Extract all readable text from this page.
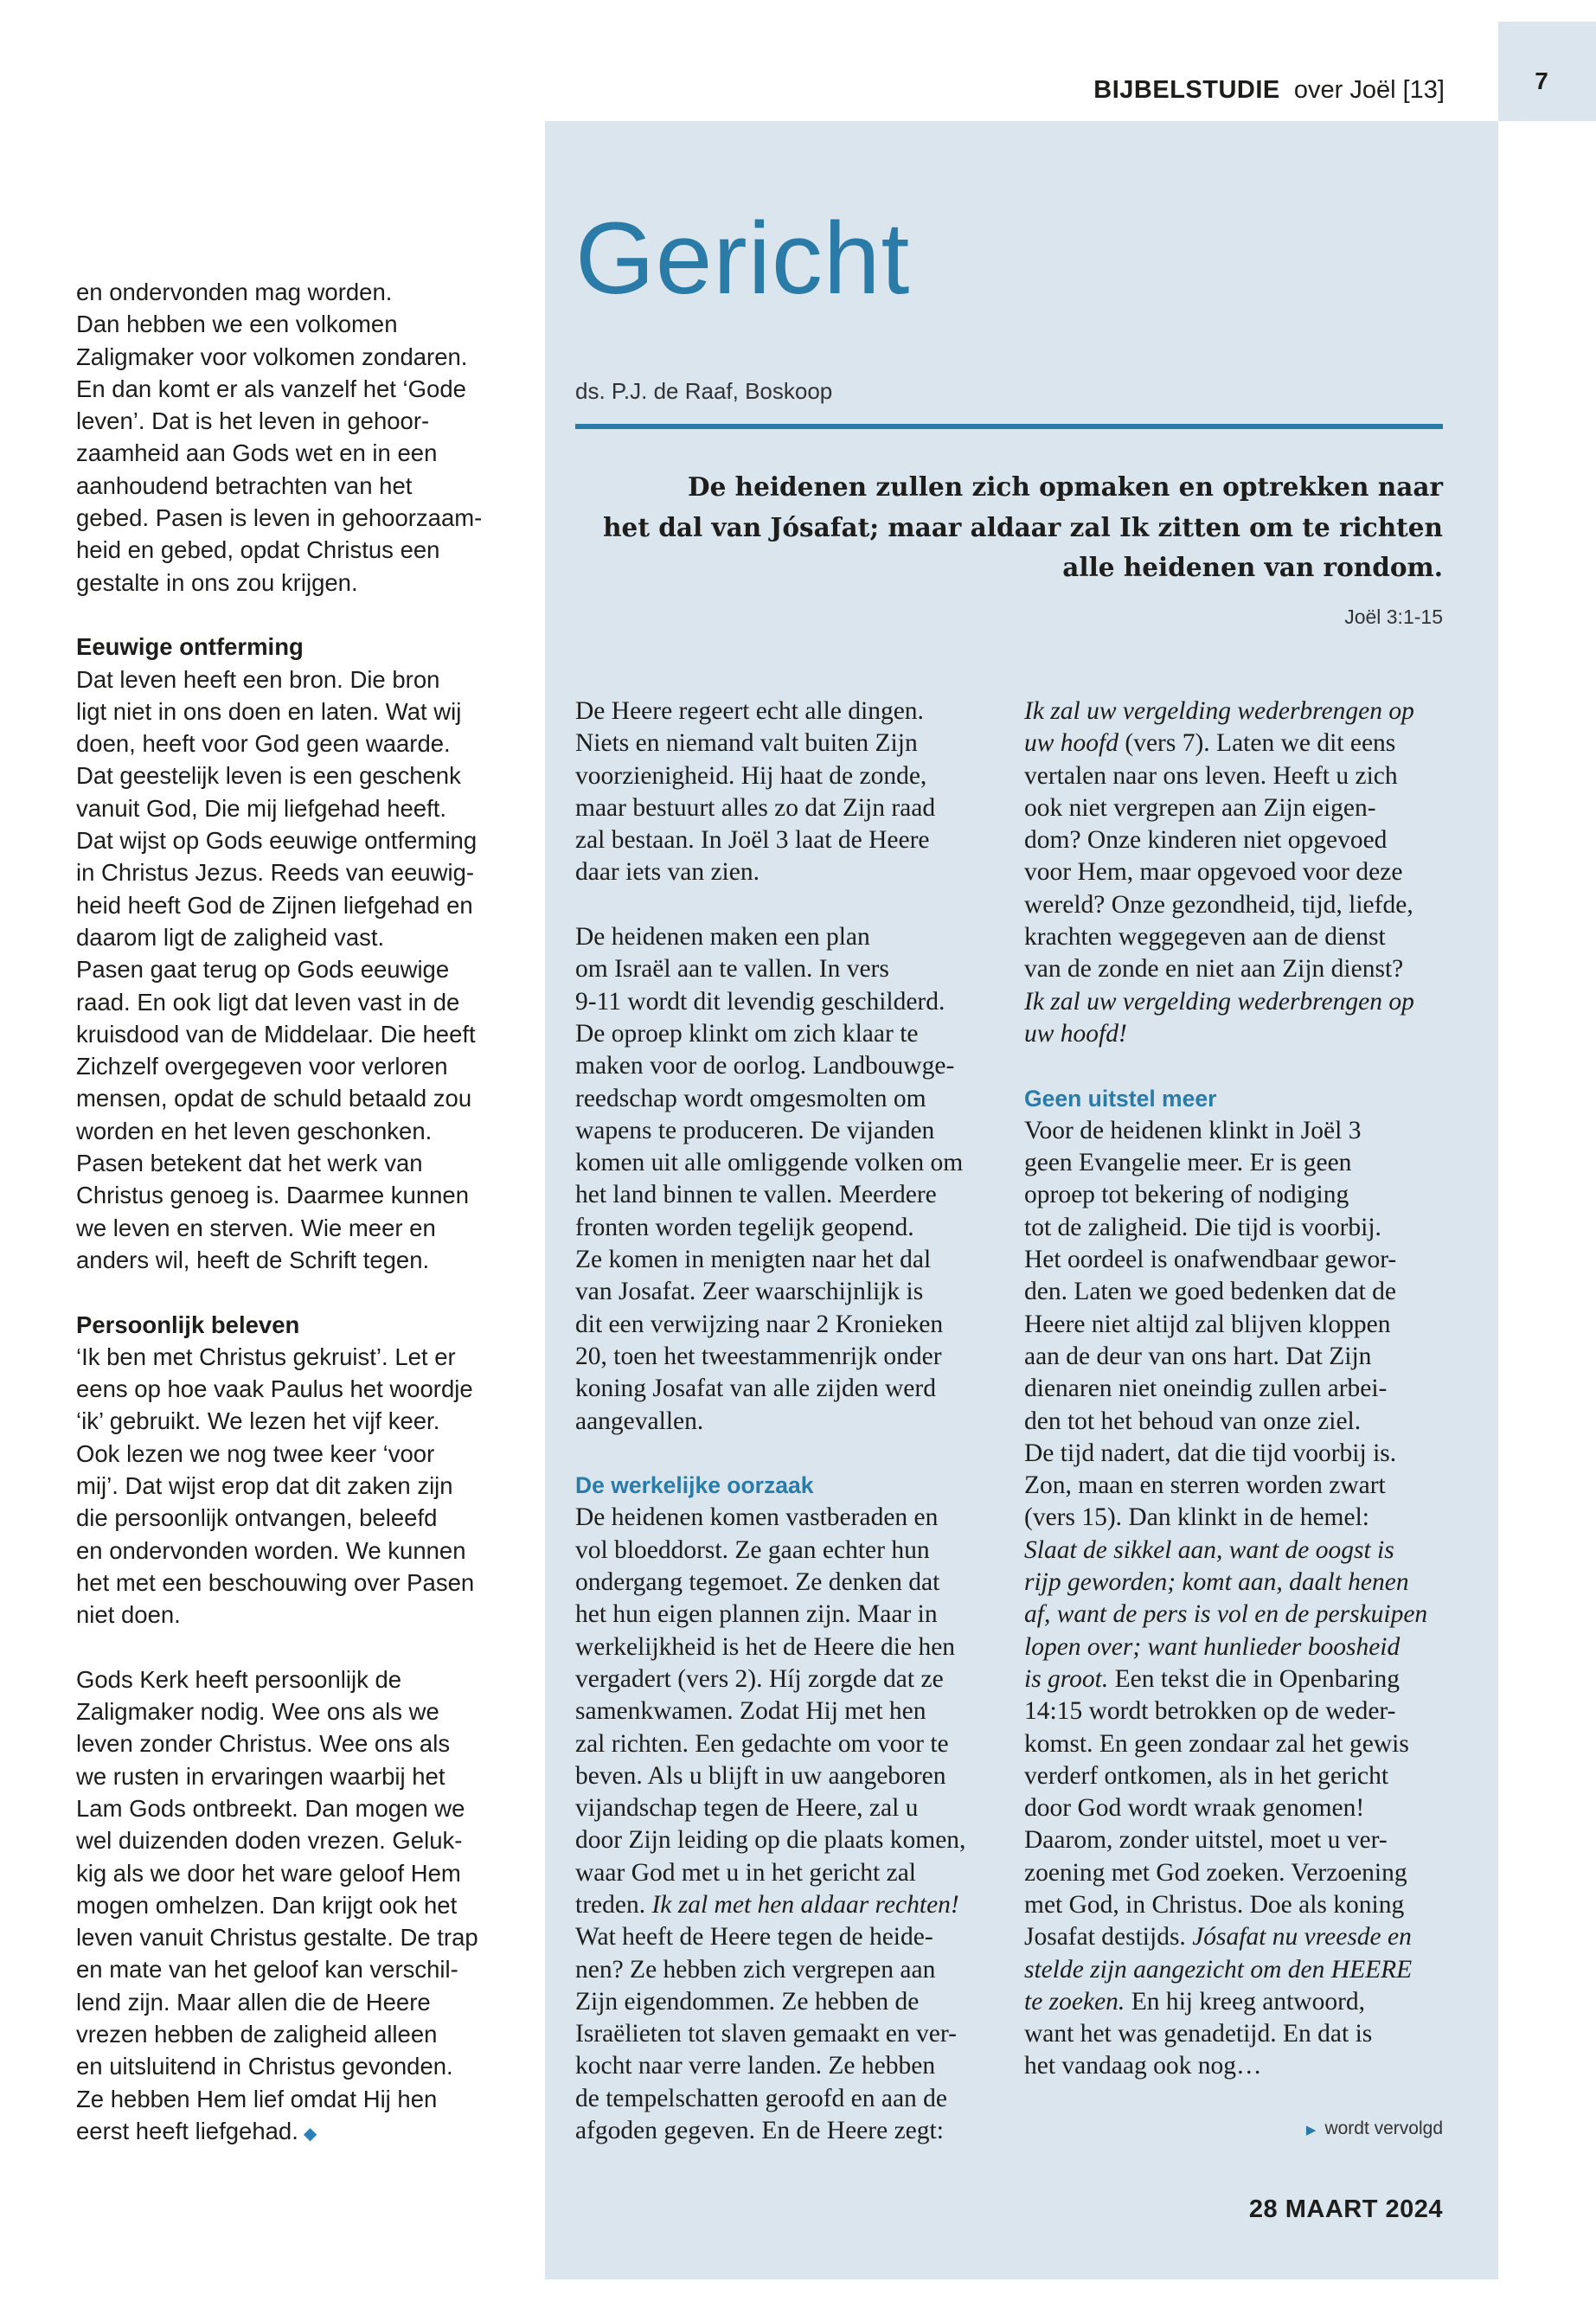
7
BIJBELSTUDIE over Joël [13]

en ondervonden mag worden.
Dan hebben we een volkomen
Zaligmaker voor volkomen zondaren.
En dan komt er als vanzelf het ‘Gode
leven’. Dat is het leven in gehoor-
zaamheid aan Gods wet en in een
aanhoudend betrachten van het
gebed. Pasen is leven in gehoorzaam-
heid en gebed, opdat Christus een
gestalte in ons zou krijgen.

Eeuwige ontferming

Dat leven heeft een bron. Die bron
ligt niet in ons doen en laten. Wat wij
doen, heeft voor God geen waarde.
Dat geestelijk leven is een geschenk
vanuit God, Die mij liefgehad heeft.
Dat wijst op Gods eeuwige ontferming
in Christus Jezus. Reeds van eeuwig-
heid heeft God de Zijnen liefgehad en
daarom ligt de zaligheid vast.
Pasen gaat terug op Gods eeuwige
raad. En ook ligt dat leven vast in de
kruisdood van de Middelaar. Die heeft
Zichzelf overgegeven voor verloren
mensen, opdat de schuld betaald zou
worden en het leven geschonken.
Pasen betekent dat het werk van
Christus genoeg is. Daarmee kunnen
we leven en sterven. Wie meer en
anders wil, heeft de Schrift tegen.

Persoonlijk beleven

‘Ik ben met Christus gekruist’. Let er
eens op hoe vaak Paulus het woordje
‘ik’ gebruikt. We lezen het vijf keer.
Ook lezen we nog twee keer ‘voor
mij’. Dat wijst erop dat dit zaken zijn
die persoonlijk ontvangen, beleefd
en ondervonden worden. We kunnen
het met een beschouwing over Pasen
niet doen.

Gods Kerk heeft persoonlijk de
Zaligmaker nodig. Wee ons als we
leven zonder Christus. Wee ons als
we rusten in ervaringen waarbij het
Lam Gods ontbreekt. Dan mogen we
wel duizenden doden vrezen. Geluk-
kig als we door het ware geloof Hem
mogen omhelzen. Dan krijgt ook het
leven vanuit Christus gestalte. De trap
en mate van het geloof kan verschil-
lend zijn. Maar allen die de Heere
vrezen hebben de zaligheid alleen
en uitsluitend in Christus gevonden.
Ze hebben Hem lief omdat Hij hen
eerst heeft liefgehad. ◆

Gericht
ds. P.J. de Raaf, Boskoop
De heidenen zullen zich opmaken en optrekken naar
het dal van Jósafat; maar aldaar zal Ik zitten om te richten
alle heidenen van rondom.
Joël 3:1-15

De Heere regeert echt alle dingen.
Niets en niemand valt buiten Zijn
voorzienigheid. Hij haat de zonde,
maar bestuurt alles zo dat Zijn raad
zal bestaan. In Joël 3 laat de Heere
daar iets van zien.

De heidenen maken een plan
om Israël aan te vallen. In vers
9-11 wordt dit levendig geschilderd.
De oproep klinkt om zich klaar te
maken voor de oorlog. Landbouwge-
reedschap wordt omgesmolten om
wapens te produceren. De vijanden
komen uit alle omliggende volken om
het land binnen te vallen. Meerdere
fronten worden tegelijk geopend.
Ze komen in menigten naar het dal
van Josafat. Zeer waarschijnlijk is
dit een verwijzing naar 2 Kronieken
20, toen het tweestammenrijk onder
koning Josafat van alle zijden werd
aangevallen.

De werkelijke oorzaak
De heidenen komen vastberaden en
vol bloeddorst. Ze gaan echter hun
ondergang tegemoet. Ze denken dat
het hun eigen plannen zijn. Maar in
werkelijkheid is het de Heere die hen
vergadert (vers 2). Híj zorgde dat ze
samenkwamen. Zodat Hij met hen
zal richten. Een gedachte om voor te
beven. Als u blijft in uw aangeboren
vijandschap tegen de Heere, zal u
door Zijn leiding op die plaats komen,
waar God met u in het gericht zal
treden. Ik zal met hen aldaar rechten!
Wat heeft de Heere tegen de heide-
nen? Ze hebben zich vergrepen aan
Zijn eigendommen. Ze hebben de
Israëlieten tot slaven gemaakt en ver-
kocht naar verre landen. Ze hebben
de tempelschatten geroofd en aan de
afgoden gegeven. En de Heere zegt:

Ik zal uw vergelding wederbrengen op
uw hoofd (vers 7). Laten we dit eens
vertalen naar ons leven. Heeft u zich
ook niet vergrepen aan Zijn eigen-
dom? Onze kinderen niet opgevoed
voor Hem, maar opgevoed voor deze
wereld? Onze gezondheid, tijd, liefde,
krachten weggegeven aan de dienst
van de zonde en niet aan Zijn dienst?
Ik zal uw vergelding wederbrengen op
uw hoofd!

Geen uitstel meer
Voor de heidenen klinkt in Joël 3
geen Evangelie meer. Er is geen
oproep tot bekering of nodiging
tot de zaligheid. Die tijd is voorbij.
Het oordeel is onafwendbaar gewor-
den. Laten we goed bedenken dat de
Heere niet altijd zal blijven kloppen
aan de deur van ons hart. Dat Zijn
dienaren niet oneindig zullen arbei-
den tot het behoud van onze ziel.
De tijd nadert, dat die tijd voorbij is.
Zon, maan en sterren worden zwart
(vers 15). Dan klinkt in de hemel:
Slaat de sikkel aan, want de oogst is
rijp geworden; komt aan, daalt henen
af, want de pers is vol en de perskuipen
lopen over; want hunlieder boosheid
is groot. Een tekst die in Openbaring
14:15 wordt betrokken op de weder-
komst. En geen zondaar zal het gewis
verderf ontkomen, als in het gericht
door God wordt wraak genomen!
Daarom, zonder uitstel, moet u ver-
zoening met God zoeken. Verzoening
met God, in Christus. Doe als koning
Josafat destijds. Jósafat nu vreesde en
stelde zijn aangezicht om den HEERE
te zoeken. En hij kreeg antwoord,
want het was genadetijd. En dat is
het vandaag ook nog…
▶ wordt vervolgd
28 MAART 2024
